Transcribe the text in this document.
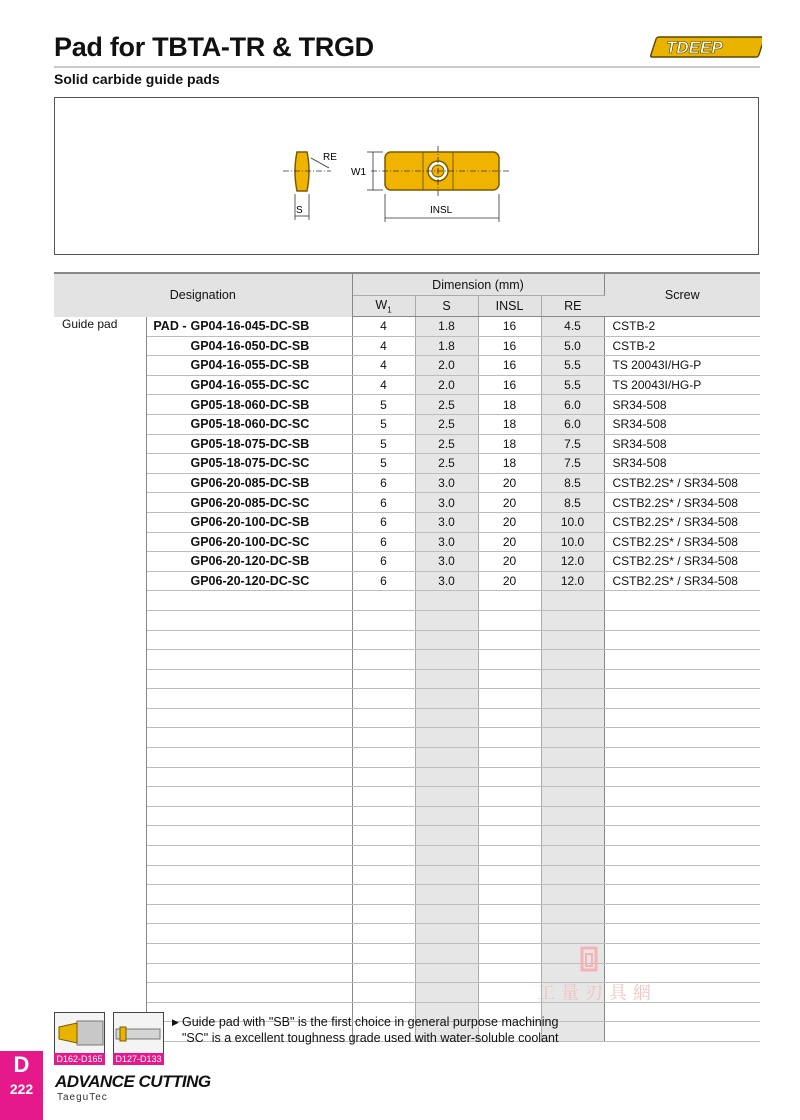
Pad for TBTA-TR & TRGD
Solid carbide guide pads
TDEEP
RE
W1
S	INSL
Designation		Dimension (mm)				Screw
		$W_1$	S	INSL	RE	
Guide pad	PAD - GP04-16-045-DC-SB	4	1.8	16	4.5	CSTB-2
	GP04-16-050-DC-SB	4	1.8	16	5.0	CSTB-2
	GP04-16-055-DC-SB	4	2.0	16	5.5	TS 20043I/HG-P
	GP04-16-055-DC-SC	4	2.0	16	5.5	TS 20043I/HG-P
	GP05-18-060-DC-SB	5	2.5	18	6.0	SR34-508
	GP05-18-060-DC-SC	5	2.5	18	6.0	SR34-508
	GP05-18-075-DC-SB	5	2.5	18	7.5	SR34-508
	GP05-18-075-DC-SC	5	2.5	18	7.5	SR34-508
	GP06-20-085-DC-SB	6	3.0	20	8.5	CSTB2.2S* / SR34-508
	GP06-20-085-DC-SC	6	3.0	20	8.5	CSTB2.2S* / SR34-508
	GP06-20-100-DC-SB	6	3.0	20	10.0	CSTB2.2S* / SR34-508
	GP06-20-100-DC-SC	6	3.0	20	10.0	CSTB2.2S* / SR34-508
	GP06-20-120-DC-SB	6	3.0	20	12.0	CSTB2.2S* / SR34-508
	GP06-20-120-DC-SC	6	3.0	20	12.0	CSTB2.2S* / SR34-508

▶ Guide pad with "SB" is the first choice in general purpose machining
"SC" is a excellent toughness grade used with water-soluble coolant
D162-D165 D127-D133
D
222	ADVANCE CUTTING
TaeguTec
工量刃具網
